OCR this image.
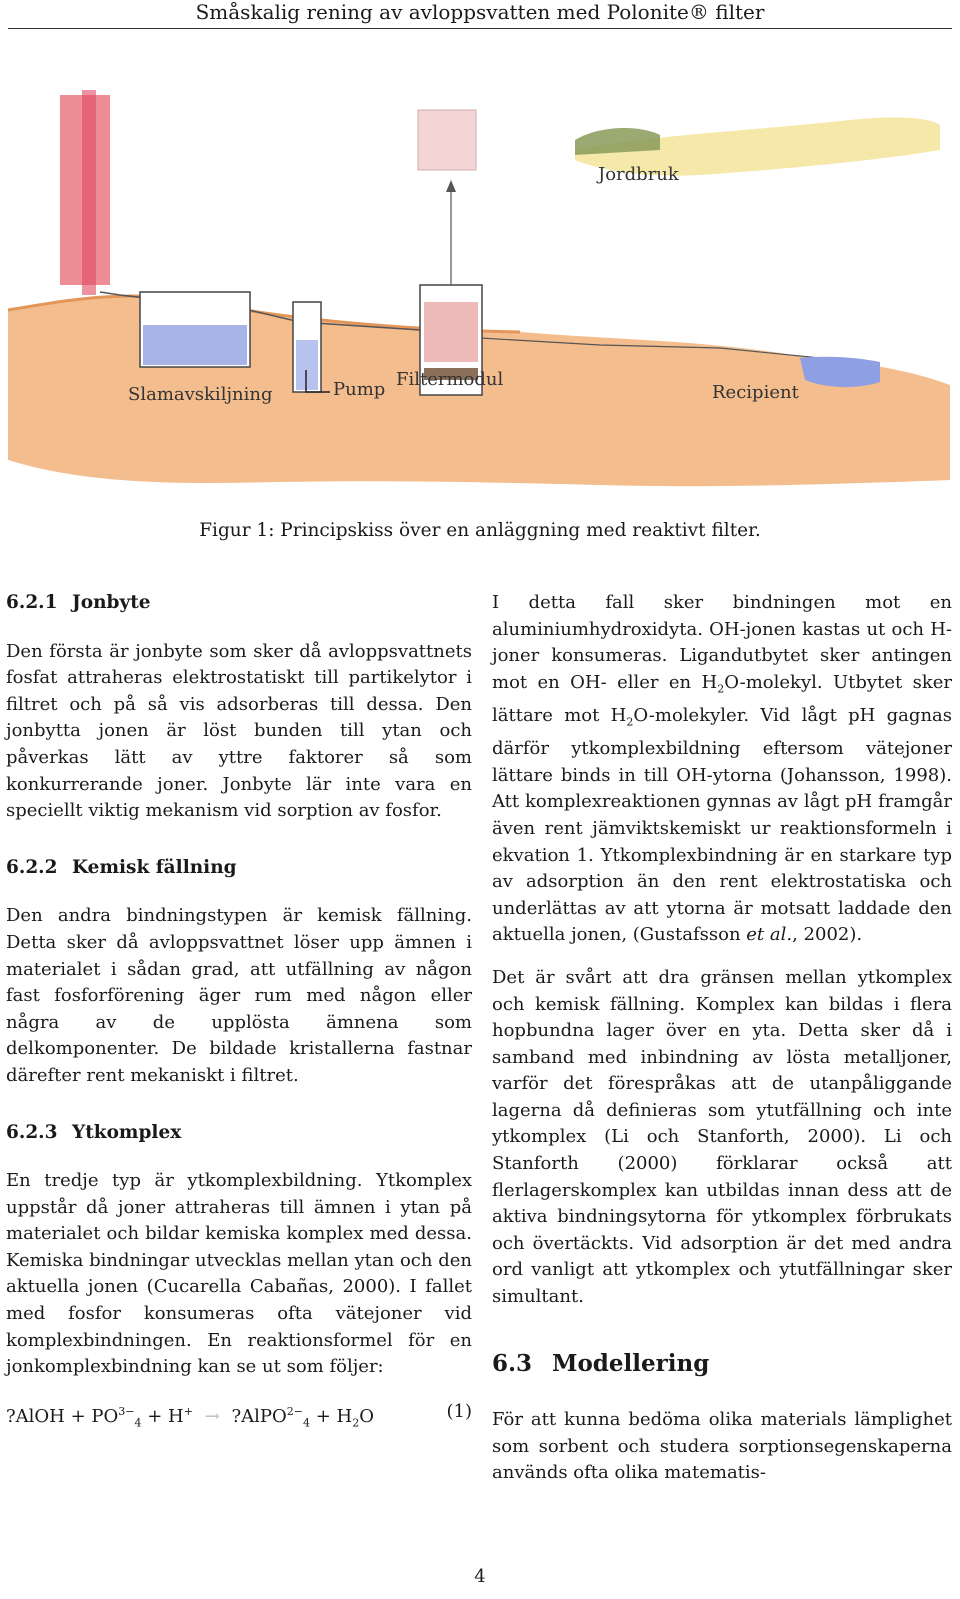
Småskalig rening av avloppsvatten med Polonite® filter
Jordbruk
Slamavskiljning	Pump Filtermodul
Recipient
Figur 1: Principskiss över en anläggning med reaktivt filter.
6.2.1 Jonbyte

Den första är jonbyte som sker då avloppsvattnets fosfat attraheras elektrostatiskt till partikelytor i filtret och på så vis adsorberas till dessa. Den jonbytta jonen är löst bunden till ytan och påverkas lätt av yttre faktorer så som konkurrerande joner. Jonbyte lär inte vara en speciellt viktig mekanism vid sorption av fosfor.

6.2.2 Kemisk fällning

Den andra bindningstypen är kemisk fällning. Detta sker då avloppsvattnet löser upp ämnen i materialet i sådan grad, att utfällning av någon fast fosforförening äger rum med någon eller några av de upplösta ämnena som delkomponenter. De bildade kristallerna fastnar därefter rent mekaniskt i filtret.

6.2.3 Ytkomplex

En tredje typ är ytkomplexbildning. Ytkomplex uppstår då joner attraheras till ämnen i ytan på materialet och bildar kemiska komplex med dessa. Kemiska bindningar utvecklas mellan ytan och den aktuella jonen (Cucarella Cabañas, 2000). I fallet med fosfor konsumeras ofta vätejoner vid komplexbindningen. En reaktionsformel för en jonkomplexbindning kan se ut som följer:

?AlOH + $PO^{3-}_4 + H^+$ → ?AlPO$^{2-}_4$ + $H_2O$	(1)

I detta fall sker bindningen mot en aluminiumhydroxidyta. OH-jonen kastas ut och H-joner konsumeras. Ligandutbytet sker antingen mot en OH- eller en $H_2O$-molekyl. Utbytet sker lättare mot $H_2O$-molekyler. Vid lågt pH gagnas därför ytkomplexbildning eftersom vätejoner lättare binds in till OH-ytorna (Johansson, 1998). Att komplexreaktionen gynnas av lågt pH framgår även rent jämviktskemiskt ur reaktionsformeln i ekvation 1. Ytkomplexbindning är en starkare typ av adsorption än den rent elektrostatiska och underlättas av att ytorna är motsatt laddade den aktuella jonen, (Gustafsson et al., 2002).

Det är svårt att dra gränsen mellan ytkomplex och kemisk fällning. Komplex kan bildas i flera hopbundna lager över en yta. Detta sker då i samband med inbindning av lösta metalljoner, varför det förespråkas att de utanpåliggande lagerna då definieras som ytutfällning och inte ytkomplex (Li och Stanforth, 2000). Li och Stanforth (2000) förklarar också att flerlagerskomplex kan utbildas innan dess att de aktiva bindningsytorna för ytkomplex förbrukats och övertäckts. Vid adsorption är det med andra ord vanligt att ytkomplex och ytutfällningar sker simultant.

6.3 Modellering

För att kunna bedöma olika materials lämplighet som sorbent och studera sorptionsegenskaperna används ofta olika matematis-

4
